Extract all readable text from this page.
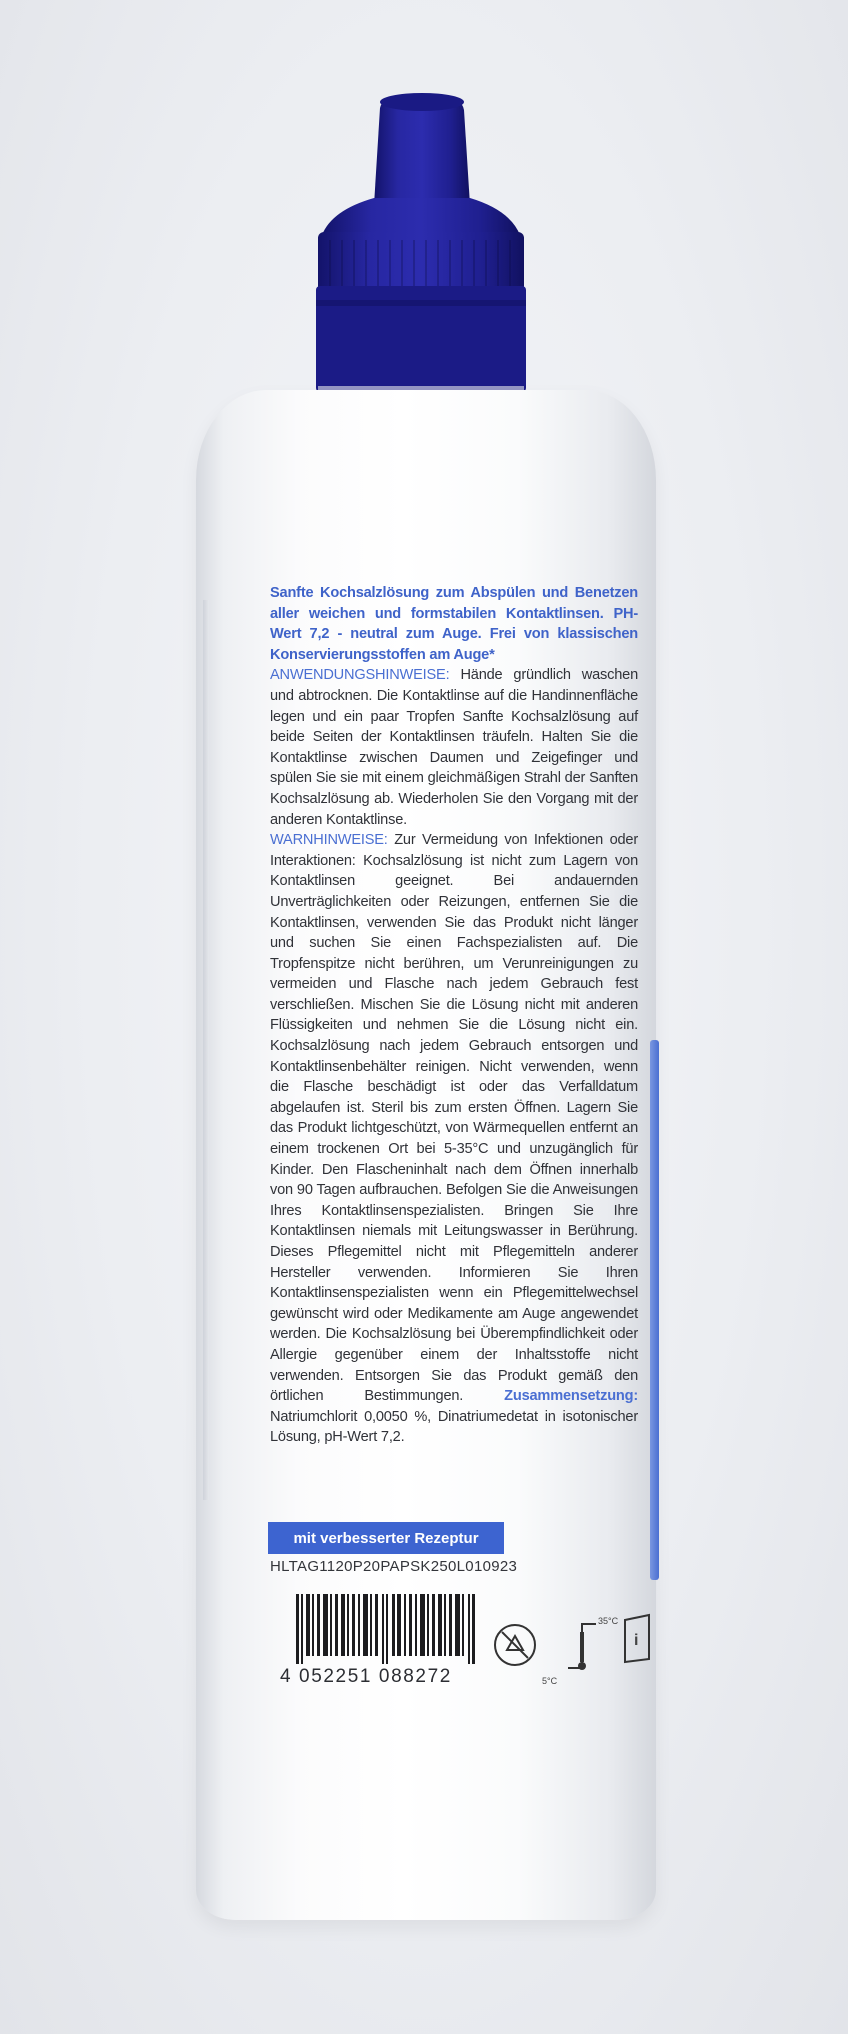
Sanfte Kochsalzlösung zum Abspülen und Benetzen aller weichen und formstabilen Kontaktlinsen. PH-Wert 7,2 - neutral zum Auge. Frei von klassischen Konservierungsstoffen am Auge*

ANWENDUNGSHINWEISE: Hände gründlich waschen und abtrocknen. Die Kontaktlinse auf die Handinnenfläche legen und ein paar Tropfen Sanfte Kochsalzlösung auf beide Seiten der Kontaktlinsen träufeln. Halten Sie die Kontaktlinse zwischen Daumen und Zeigefinger und spülen Sie sie mit einem gleichmäßigen Strahl der Sanften Kochsalzlösung ab. Wiederholen Sie den Vorgang mit der anderen Kontaktlinse.

WARNHINWEISE: Zur Vermeidung von Infektionen oder Interaktionen: Kochsalzlösung ist nicht zum Lagern von Kontaktlinsen geeignet. Bei andauernden Unverträglichkeiten oder Reizungen, entfernen Sie die Kontaktlinsen, verwenden Sie das Produkt nicht länger und suchen Sie einen Fachspezialisten auf. Die Tropfenspitze nicht berühren, um Verunreinigungen zu vermeiden und Flasche nach jedem Gebrauch fest verschließen. Mischen Sie die Lösung nicht mit anderen Flüssigkeiten und nehmen Sie die Lösung nicht ein. Kochsalzlösung nach jedem Gebrauch entsorgen und Kontaktlinsenbehälter reinigen. Nicht verwenden, wenn die Flasche beschädigt ist oder das Verfalldatum abgelaufen ist. Steril bis zum ersten Öffnen. Lagern Sie das Produkt lichtgeschützt, von Wärmequellen entfernt an einem trockenen Ort bei 5-35°C und unzugänglich für Kinder. Den Flascheninhalt nach dem Öffnen innerhalb von 90 Tagen aufbrauchen. Befolgen Sie die Anweisungen Ihres Kontaktlinsenspezialisten. Bringen Sie Ihre Kontaktlinsen niemals mit Leitungswasser in Berührung. Dieses Pflegemittel nicht mit Pflegemitteln anderer Hersteller verwenden. Informieren Sie Ihren Kontaktlinsenspezialisten wenn ein Pflegemittelwechsel gewünscht wird oder Medikamente am Auge angewendet werden. Die Kochsalzlösung bei Überempfindlichkeit oder Allergie gegenüber einem der Inhaltsstoffe nicht verwenden. Entsorgen Sie das Produkt gemäß den örtlichen Bestimmungen.	Zusammensetzung: Natriumchlorit 0,0050 %, Dinatriumedetat in isotonischer Lösung, pH-Wert 7,2.

mit verbesserter Rezeptur
HLTAG1120P20PAPSK250L010923
4 052251 088272
35°C
5°C
i
